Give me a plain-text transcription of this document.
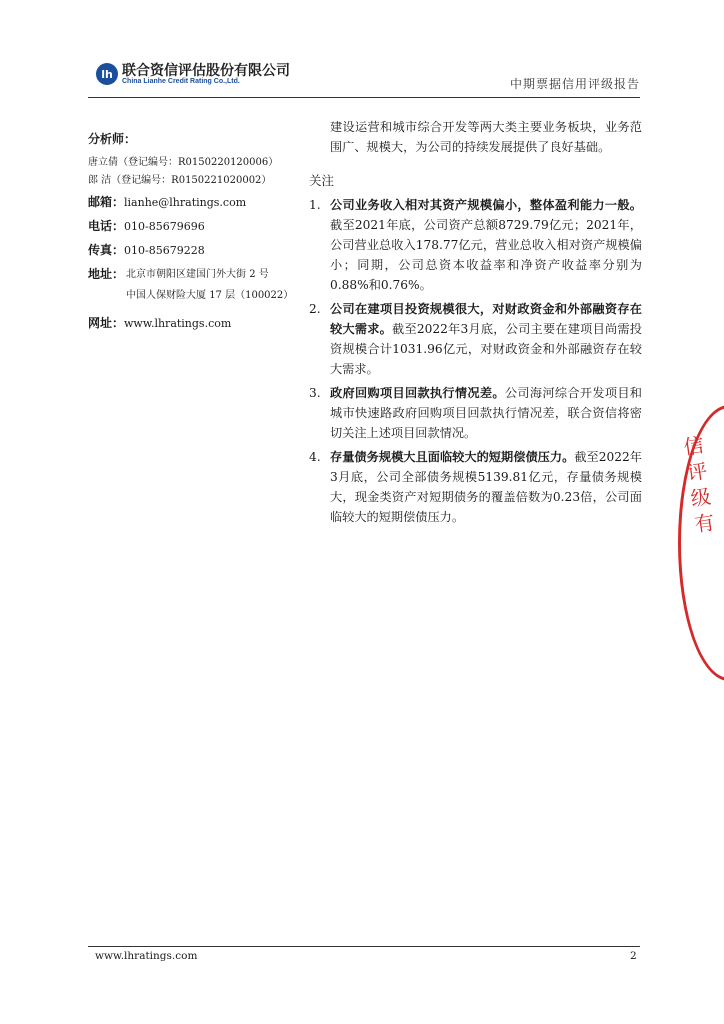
lh 联合资信评估股份有限公司
China Lianhe Credit Rating Co.,Ltd.	中期票据信用评级报告
分析师：
唐立倩（登记编号：R0150220120006）
郎 洁（登记编号：R0150221020002）
邮箱：lianhe@lhratings.com
电话：010-85679696
传真：010-85679228
地址： 北京市朝阳区建国门外大街 2 号
中国人保财险大厦 17 层（100022）
网址：www.lhratings.com

建设运营和城市综合开发等两大类主要业务板块，业务范围广、规模大，为公司的持续发展提供了良好基础。

关注
1. 公司业务收入相对其资产规模偏小，整体盈利能力一般。截至2021年底，公司资产总额8729.79亿元；2021年，公司营业总收入178.77亿元，营业总收入相对资产规模偏小；同期，公司总资本收益率和净资产收益率分别为0.88%和0.76%。
2. 公司在建项目投资规模很大，对财政资金和外部融资存在较大需求。截至2022年3月底，公司主要在建项目尚需投资规模合计1031.96亿元，对财政资金和外部融资存在较大需求。
3. 政府回购项目回款执行情况差。公司海河综合开发项目和城市快速路政府回购项目回款执行情况差，联合资信将密切关注上述项目回款情况。
4. 存量债务规模大且面临较大的短期偿债压力。截至2022年3月底，公司全部债务规模5139.81亿元，存量债务规模大，现金类资产对短期债务的覆盖倍数为0.23倍，公司面临较大的短期偿债压力。
信评级有
www.lhratings.com	2
